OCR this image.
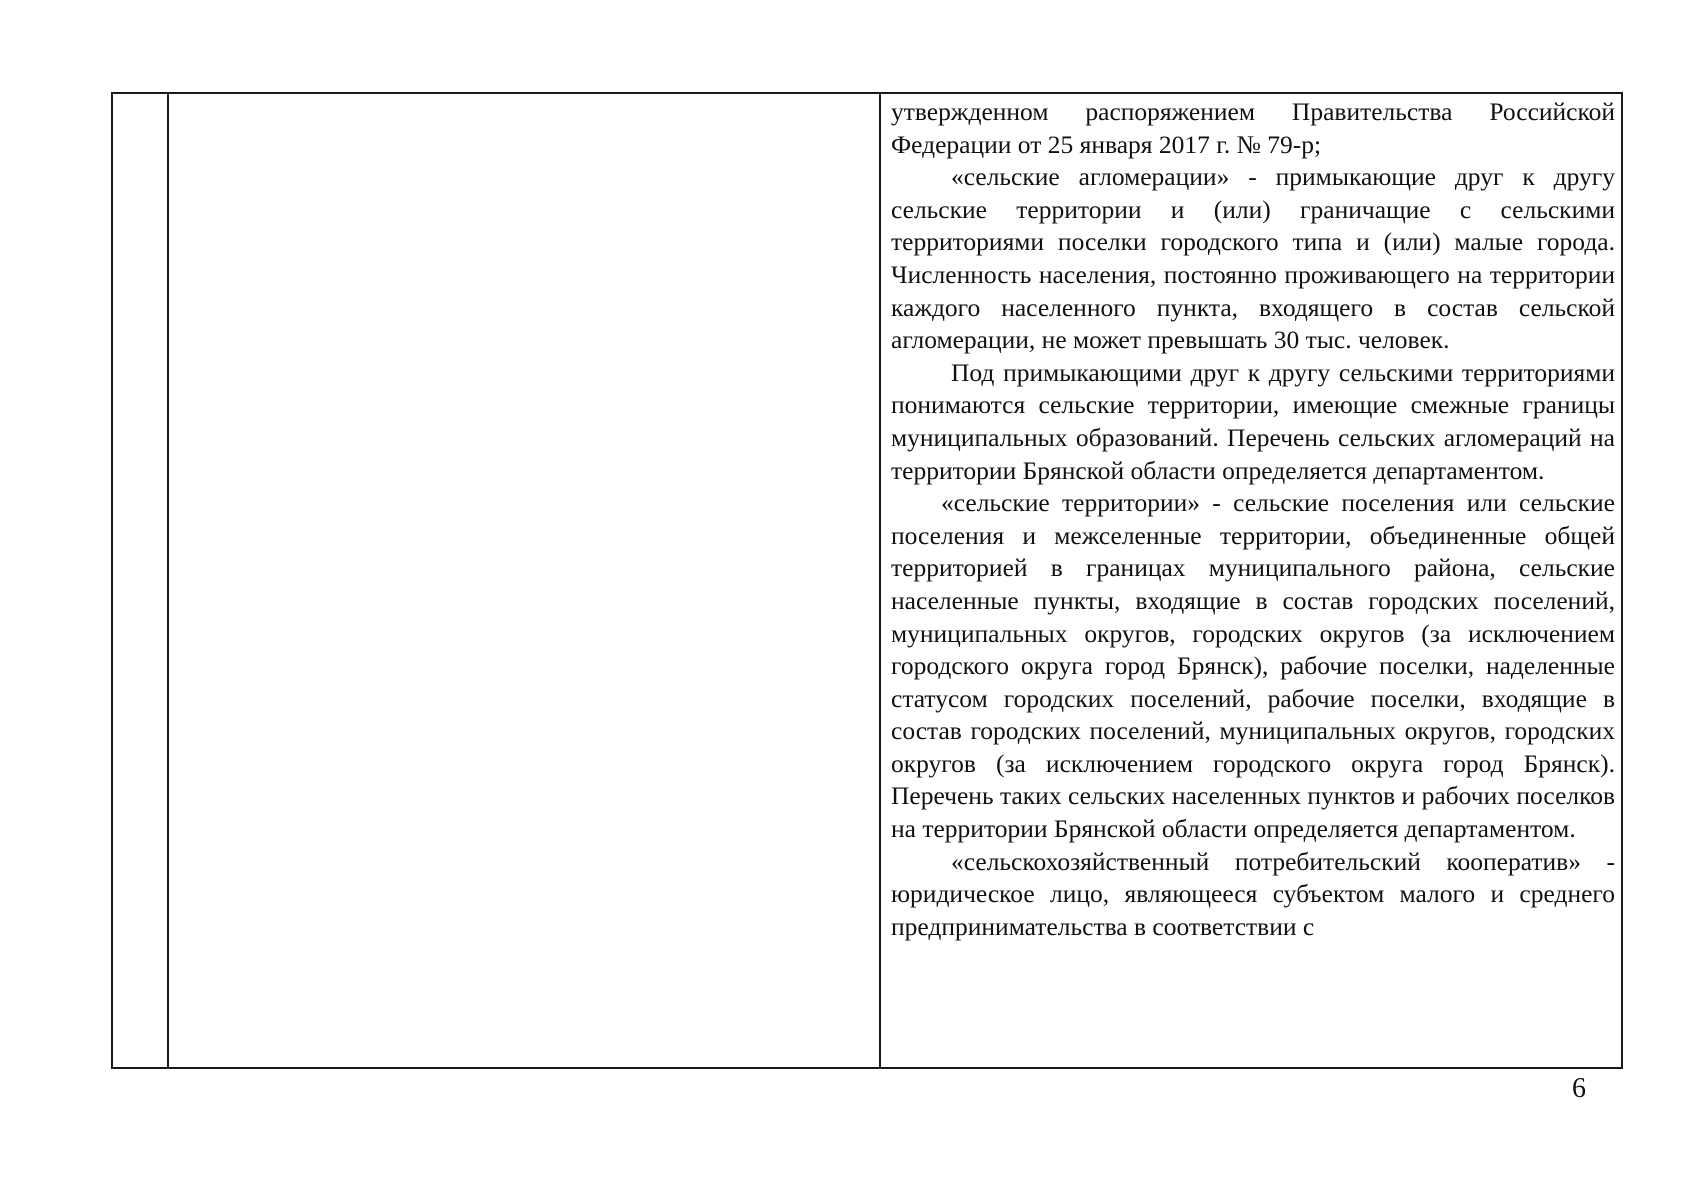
утвержденном распоряжением Правительства Российской Федерации от 25 января 2017 г. № 79-р;

«сельские агломерации» - примыкающие друг к другу сельские территории и (или) граничащие с сельскими территориями поселки городского типа и (или) малые города. Численность населения, постоянно проживающего на территории каждого населенного пункта, входящего в состав сельской агломерации, не может превышать 30 тыс. человек.

Под примыкающими друг к другу сельскими территориями понимаются сельские территории, имеющие смежные границы муниципальных образований. Перечень сельских агломераций на территории Брянской области определяется департаментом.

«сельские территории» - сельские поселения или сельские поселения и межселенные территории, объединенные общей территорией в границах муниципального района, сельские населенные пункты, входящие в состав городских поселений, муниципальных округов, городских округов (за исключением городского округа город Брянск), рабочие поселки, наделенные статусом городских поселений, рабочие поселки, входящие в состав городских поселений, муниципальных округов, городских округов (за исключением городского округа город Брянск). Перечень таких сельских населенных пунктов и рабочих поселков на территории Брянской области определяется департаментом.

«сельскохозяйственный потребительский кооператив» - юридическое лицо, являющееся субъектом малого и среднего предпринимательства в соответствии с

6
